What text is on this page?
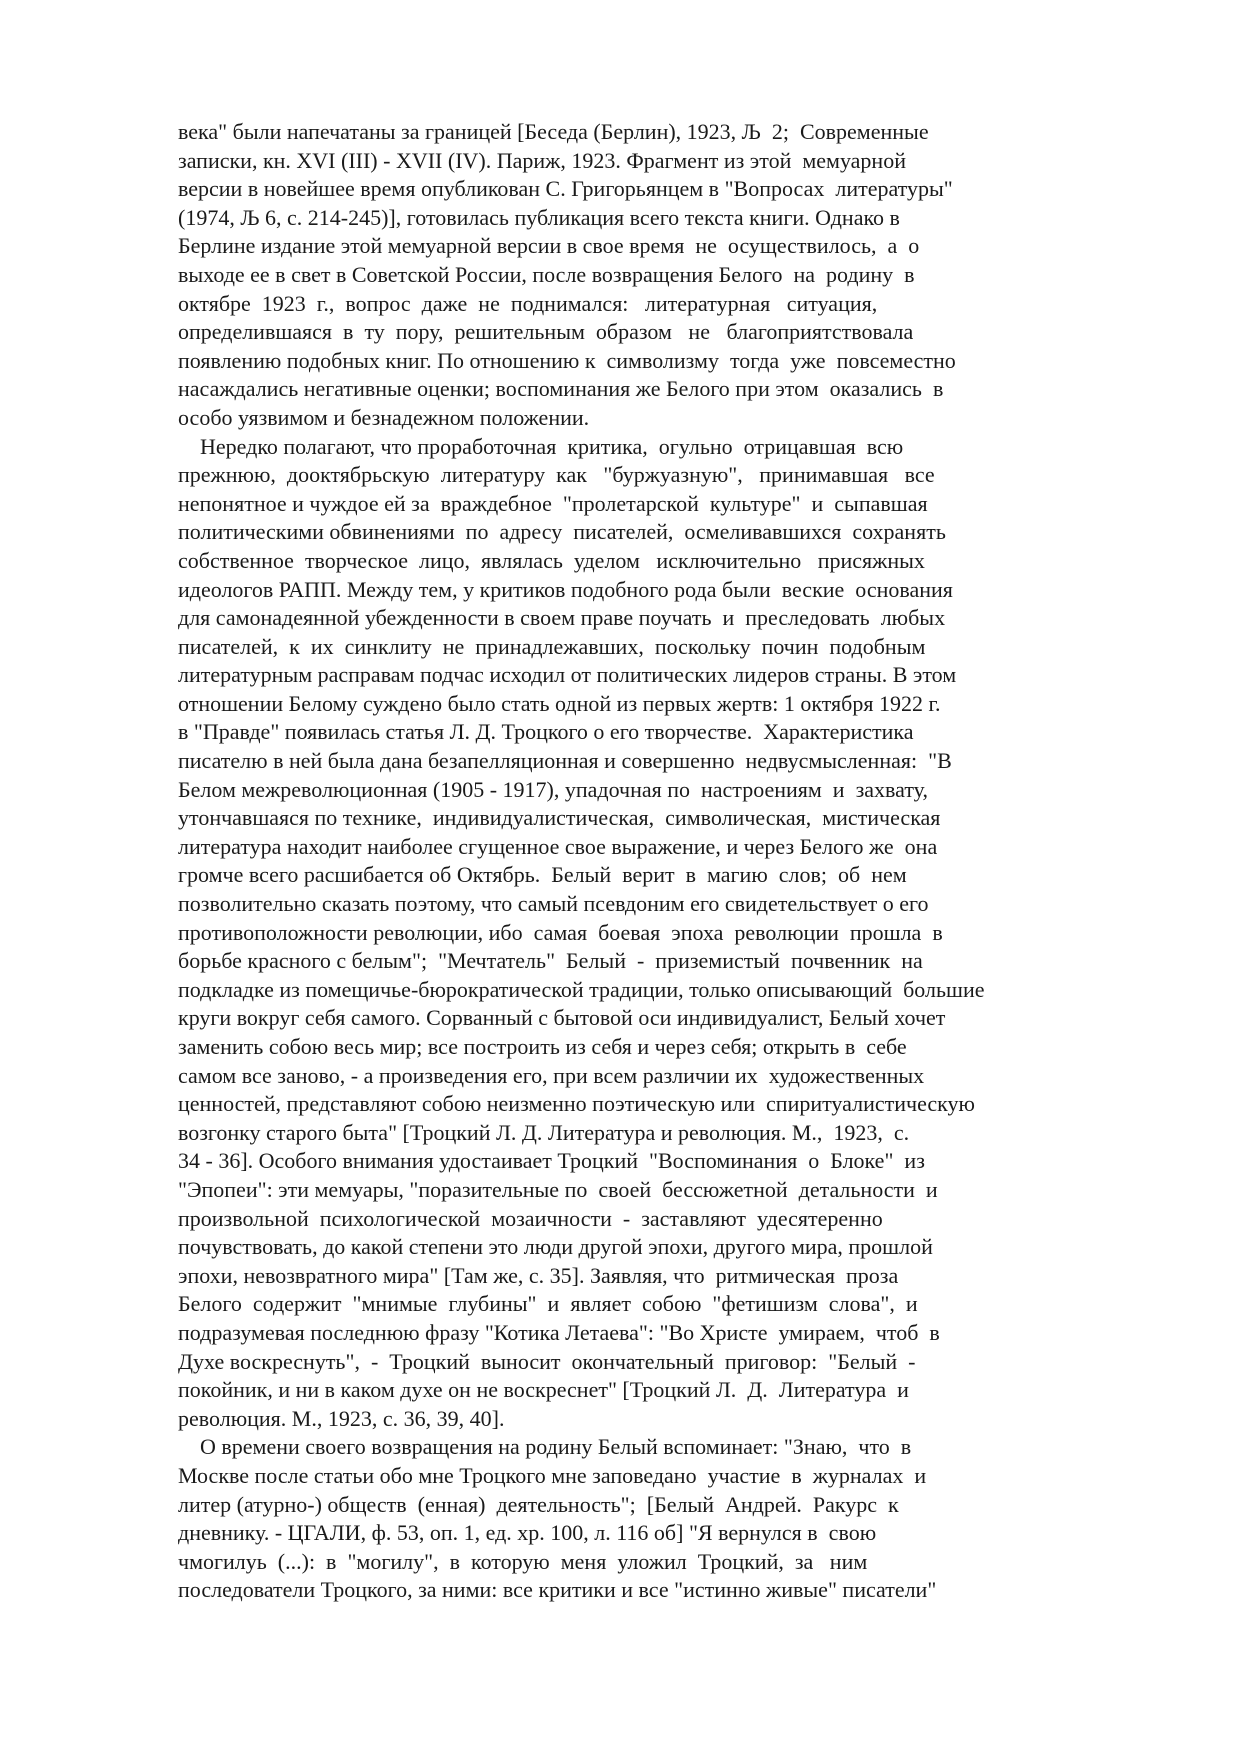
века" были напечатаны за границей [Беседа (Берлин), 1923, Љ  2;  Современные
записки, кн. XVI (III) - XVII (IV). Париж, 1923. Фрагмент из этой  мемуарной
версии в новейшее время опубликован С. Григорьянцем в "Вопросах  литературы"
(1974, Љ 6, с. 214-245)], готовилась публикация всего текста книги. Однако в
Берлине издание этой мемуарной версии в свое время  не  осуществилось,  а  о
выходе ее в свет в Советской России, после возвращения Белого  на  родину  в
октябре  1923  г.,  вопрос  даже  не  поднимался:   литературная   ситуация,
определившаяся  в  ту  пору,  решительным  образом   не   благоприятствовала
появлению подобных книг. По отношению к  символизму  тогда  уже  повсеместно
насаждались негативные оценки; воспоминания же Белого при этом  оказались  в
особо уязвимом и безнадежном положении.
Нередко полагают, что проработочная  критика,  огульно  отрицавшая  всю
прежнюю,  дооктябрьскую  литературу  как   "буржуазную",   принимавшая   все
непонятное и чуждое ей за  враждебное  "пролетарской  культуре"  и  сыпавшая
политическими обвинениями  по  адресу  писателей,  осмеливавшихся  сохранять
собственное  творческое  лицо,  являлась  уделом   исключительно   присяжных
идеологов РАПП. Между тем, у критиков подобного рода были  веские  основания
для самонадеянной убежденности в своем праве поучать  и  преследовать  любых
писателей,  к  их  синклиту  не  принадлежавших,  поскольку  почин  подобным
литературным расправам подчас исходил от политических лидеров страны. В этом
отношении Белому суждено было стать одной из первых жертв: 1 октября 1922 г.
в "Правде" появилась статья Л. Д. Троцкого о его творчестве.  Характеристика
писателю в ней была дана безапелляционная и совершенно  недвусмысленная:  "В
Белом межреволюционная (1905 - 1917), упадочная по  настроениям  и  захвату,
утончавшаяся по технике,  индивидуалистическая,  символическая,  мистическая
литература находит наиболее сгущенное свое выражение, и через Белого же  она
громче всего расшибается об Октябрь.  Белый  верит  в  магию  слов;  об  нем
позволительно сказать поэтому, что самый псевдоним его свидетельствует о его
противоположности революции, ибо  самая  боевая  эпоха  революции  прошла  в
борьбе красного с белым";  "Мечтатель"  Белый  -  приземистый  почвенник  на
подкладке из помещичье-бюрократической традиции, только описывающий  большие
круги вокруг себя самого. Сорванный с бытовой оси индивидуалист, Белый хочет
заменить собою весь мир; все построить из себя и через себя; открыть в  себе
самом все заново, - а произведения его, при всем различии их  художественных
ценностей, представляют собою неизменно поэтическую или  спиритуалистическую
возгонку старого быта" [Троцкий Л. Д. Литература и революция. М.,  1923,  с.
34 - 36]. Особого внимания удостаивает Троцкий  "Воспоминания  о  Блоке"  из
"Эпопеи": эти мемуары, "поразительные по  своей  бессюжетной  детальности  и
произвольной  психологической  мозаичности  -  заставляют  удесятеренно
почувствовать, до какой степени это люди другой эпохи, другого мира, прошлой
эпохи, невозвратного мира" [Там же, с. 35]. Заявляя, что  ритмическая  проза
Белого  содержит  "мнимые  глубины"  и  являет  собою  "фетишизм  слова",  и
подразумевая последнюю фразу "Котика Летаева": "Во Христе  умираем,  чтоб  в
Духе воскреснуть",  -  Троцкий  выносит  окончательный  приговор:  "Белый  -
покойник, и ни в каком духе он не воскреснет" [Троцкий Л.  Д.  Литература  и
революция. М., 1923, с. 36, 39, 40].
О времени своего возвращения на родину Белый вспоминает: "Знаю,  что  в
Москве после статьи обо мне Троцкого мне заповедано  участие  в  журналах  и
литер (атурно-) обществ  (енная)  деятельность";  [Белый  Андрей.  Ракурс  к
дневнику. - ЦГАЛИ, ф. 53, оп. 1, ед. хр. 100, л. 116 об] "Я вернулся в  свою
чмогилуь  (...):  в  "могилу",  в  которую  меня  уложил  Троцкий,  за   ним
последователи Троцкого, за ними: все критики и все "истинно живые" писатели"
